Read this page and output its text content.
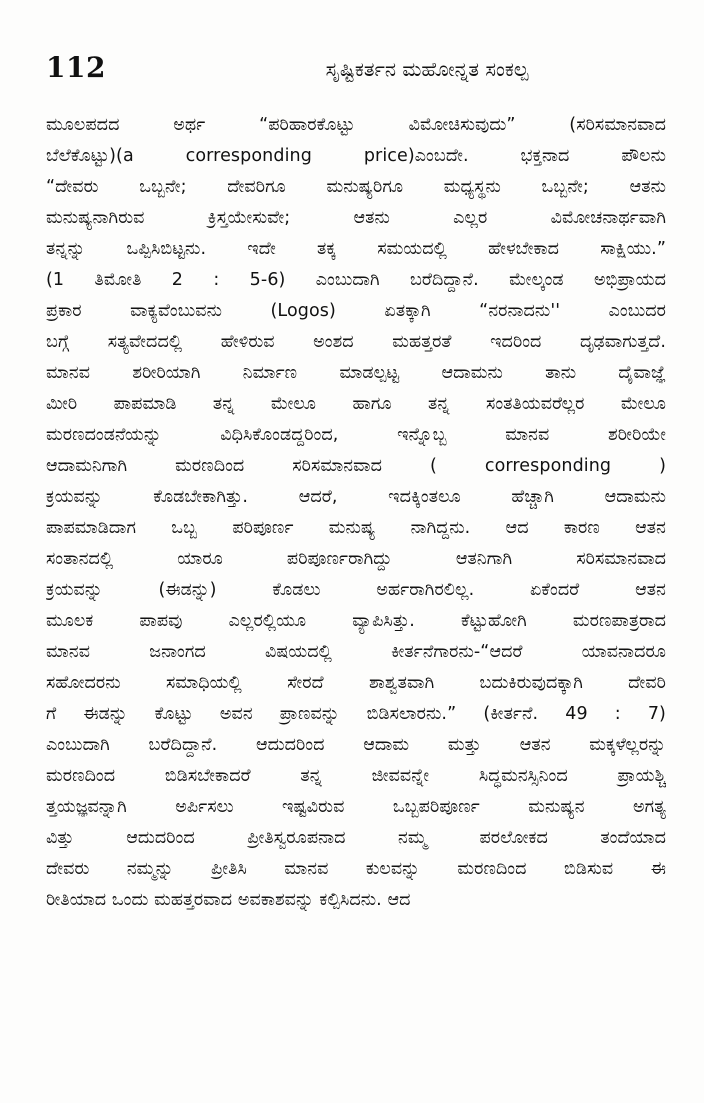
112	ಸೃಷ್ಟಿಕರ್ತನ ಮಹೋನ್ನತ ಸಂಕಲ್ಪ
ಮೂಲಪದದ ಅರ್ಥ “ಪರಿಹಾರಕೊಟ್ಟು ವಿಮೋಚಿಸುವುದು” (ಸರಿಸಮಾನವಾದ
ಬೆಲೆಕೊಟ್ಟು)(a corresponding price)ಎಂಬದೇ. ಭಕ್ತನಾದ ಪೌಲನು
“ದೇವರು ಒಬ್ಬನೇ; ದೇವರಿಗೂ ಮನುಷ್ಯರಿಗೂ ಮಧ್ಯಸ್ಥನು ಒಬ್ಬನೇ; ಆತನು
ಮನುಷ್ಯನಾಗಿರುವ ಕ್ರಿಸ್ತಯೇಸುವೇ; ಆತನು ಎಲ್ಲರ ವಿಮೋಚನಾರ್ಥವಾಗಿ
ತನ್ನನ್ನು ಒಪ್ಪಿಸಿಬಿಟ್ಟನು. ಇದೇ ತಕ್ಕ ಸಮಯದಲ್ಲಿ ಹೇಳಬೇಕಾದ ಸಾಕ್ಷಿಯು.”
(1 ತಿಮೋತಿ 2 : 5-6) ಎಂಬುದಾಗಿ ಬರೆದಿದ್ದಾನೆ. ಮೇಲ್ಕಂಡ ಅಭಿಪ್ರಾಯದ
ಪ್ರಕಾರ ವಾಕ್ಯವೆಂಬುವನು (Logos) ಏತಕ್ಕಾಗಿ “ನರನಾದನು'' ಎಂಬುದರ
ಬಗ್ಗೆ ಸತ್ಯವೇದದಲ್ಲಿ ಹೇಳಿರುವ ಅಂಶದ ಮಹತ್ತರತೆ ಇದರಿಂದ ದೃಢವಾಗುತ್ತದೆ.
ಮಾನವ ಶರೀರಿಯಾಗಿ ನಿರ್ಮಾಣ ಮಾಡಲ್ಪಟ್ಟ ಆದಾಮನು ತಾನು ದೈವಾಜ್ಞೆ
ಮೀರಿ ಪಾಪಮಾಡಿ ತನ್ನ ಮೇಲೂ ಹಾಗೂ ತನ್ನ ಸಂತತಿಯವರೆಲ್ಲರ ಮೇಲೂ
ಮರಣದಂಡನೆಯನ್ನು ವಿಧಿಸಿಕೊಂಡದ್ದರಿಂದ, ಇನ್ನೊಬ್ಬ ಮಾನವ ಶರೀರಿಯೇ
ಆದಾಮನಿಗಾಗಿ ಮರಣದಿಂದ ಸರಿಸಮಾನವಾದ ( corresponding )
ಕ್ರಯವನ್ನು ಕೊಡಬೇಕಾಗಿತ್ತು. ಆದರೆ, ಇದಕ್ಕಿಂತಲೂ ಹೆಚ್ಚಾಗಿ ಆದಾಮನು
ಪಾಪಮಾಡಿದಾಗ ಒಬ್ಬ ಪರಿಪೂರ್ಣ ಮನುಷ್ಯ ನಾಗಿದ್ದನು. ಆದ ಕಾರಣ ಆತನ
ಸಂತಾನದಲ್ಲಿ ಯಾರೂ ಪರಿಪೂರ್ಣರಾಗಿದ್ದು ಆತನಿಗಾಗಿ ಸರಿಸಮಾನವಾದ
ಕ್ರಯವನ್ನು (ಈಡನ್ನು) ಕೊಡಲು ಅರ್ಹರಾಗಿರಲಿಲ್ಲ. ಏಕೆಂದರೆ ಆತನ
ಮೂಲಕ ಪಾಪವು ಎಲ್ಲರಲ್ಲಿಯೂ ವ್ಯಾಪಿಸಿತ್ತು. ಕೆಟ್ಟುಹೋಗಿ ಮರಣಪಾತ್ರರಾದ
ಮಾನವ ಜನಾಂಗದ ವಿಷಯದಲ್ಲಿ ಕೀರ್ತನೆಗಾರನು-“ಆದರೆ ಯಾವನಾದರೂ
ಸಹೋದರನು ಸಮಾಧಿಯಲ್ಲಿ ಸೇರದೆ ಶಾಶ್ವತವಾಗಿ ಬದುಕಿರುವುದಕ್ಕಾಗಿ ದೇವರಿ
ಗೆ ಈಡನ್ನು ಕೊಟ್ಟು ಅವನ ಪ್ರಾಣವನ್ನು ಬಿಡಿಸಲಾರನು.” (ಕೀರ್ತನೆ. 49 : 7)
ಎಂಬುದಾಗಿ ಬರೆದಿದ್ದಾನೆ. ಆದುದರಿಂದ ಆದಾಮ ಮತ್ತು ಆತನ ಮಕ್ಕಳೆಲ್ಲರನ್ನು
ಮರಣದಿಂದ ಬಿಡಿಸಬೇಕಾದರೆ ತನ್ನ ಜೀವವನ್ನೇ ಸಿದ್ಧಮನಸ್ಸಿನಿಂದ ಪ್ರಾಯಶ್ಚಿ
ತ್ತಯಜ್ಞವನ್ನಾಗಿ ಅರ್ಪಿಸಲು ಇಷ್ಟವಿರುವ ಒಬ್ಬಪರಿಪೂರ್ಣ ಮನುಷ್ಯನ ಅಗತ್ಯ
ವಿತ್ತು ಆದುದರಿಂದ ಪ್ರೀತಿಸ್ವರೂಪನಾದ ನಮ್ಮ ಪರಲೋಕದ ತಂದೆಯಾದ
ದೇವರು ನಮ್ಮನ್ನು ಪ್ರೀತಿಸಿ ಮಾನವ ಕುಲವನ್ನು ಮರಣದಿಂದ ಬಿಡಿಸುವ ಈ
ರೀತಿಯಾದ ಒಂದು ಮಹತ್ತರವಾದ ಅವಕಾಶವನ್ನು ಕಲ್ಪಿಸಿದನು. ಆದ
